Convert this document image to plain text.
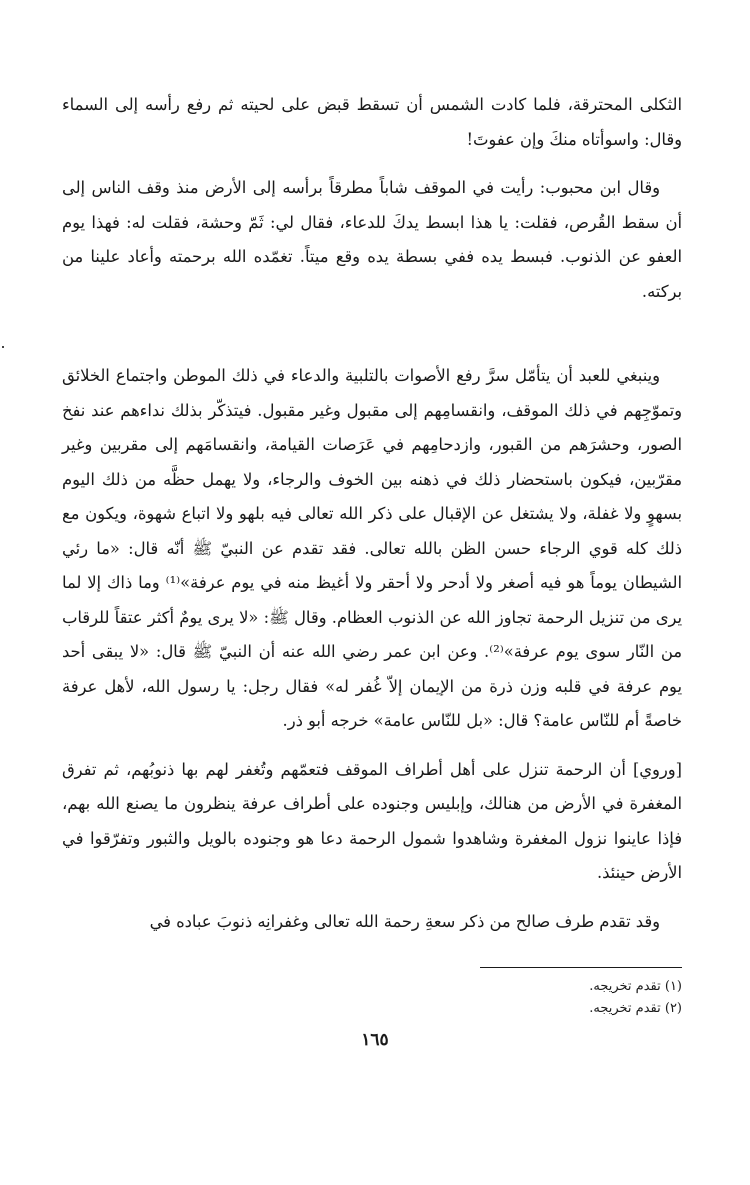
الثكلى المحترقة، فلما كادت الشمس أن تسقط قبض على لحيته ثم رفع رأسه إلى السماء وقال: واسوأتاه منكَ وإن عفوتَ!

وقال ابن محبوب: رأيت في الموقف شاباً مطرقاً برأسه إلى الأرض منذ وقف الناس إلى أن سقط القُرص، فقلت: يا هذا ابسط يدكَ للدعاء، فقال لي: ثَمّ وحشة، فقلت له: فهذا يوم العفو عن الذنوب. فبسط يده ففي بسطة يده وقع ميتاً. تغمّده الله برحمته وأعاد علينا من بركته.

وينبغي للعبد أن يتأمّل سرَّ رفع الأصوات بالتلبية والدعاء في ذلك الموطن واجتماع الخلائق وتموّجِهم في ذلك الموقف، وانقسامِهم إلى مقبول وغير مقبول. فيتذكّر بذلك نداءهم عند نفخ الصور، وحشرَهم من القبور، وازدحامِهم في عَرَصات القيامة، وانقسامَهم إلى مقربين وغير مقرّبين، فيكون باستحضار ذلك في ذهنه بين الخوف والرجاء، ولا يهمل حظَّه من ذلك اليوم بسهوٍ ولا غفلة، ولا يشتغل عن الإقبال على ذكر الله تعالى فيه بلهو ولا اتباع شهوة، ويكون مع ذلك كله قوي الرجاء حسن الظن بالله تعالى. فقد تقدم عن النبيّ ﷺ أنّه قال: «ما رئي الشيطان يوماً هو فيه أصغر ولا أدحر ولا أحقر ولا أغيظ منه في يوم عرفة»⁽¹⁾ وما ذاك إلا لما يرى من تنزيل الرحمة تجاوز الله عن الذنوب العظام. وقال ﷺ: «لا يرى يومٌ أكثر عتقاً للرقاب من النّار سوى يوم عرفة»⁽²⁾. وعن ابن عمر رضي الله عنه أن النبيّ ﷺ قال: «لا يبقى أحد يوم عرفة في قلبه وزن ذرة من الإيمان إلاّ غُفر له» فقال رجل: يا رسول الله، لأهل عرفة خاصةً أم للنّاس عامة؟ قال: «بل للنّاس عامة» خرجه أبو ذر.

[وروي] أن الرحمة تنزل على أهل أطراف الموقف فتعمّهم وتُغفر لهم بها ذنوبُهم، ثم تفرق المغفرة في الأرض من هنالك، وإبليس وجنوده على أطراف عرفة ينظرون ما يصنع الله بهم، فإذا عاينوا نزول المغفرة وشاهدوا شمول الرحمة دعا هو وجنوده بالويل والثبور وتفرّقوا في الأرض حينئذ.

وقد تقدم طرف صالح من ذكر سعةِ رحمة الله تعالى وغفرانِه ذنوبَ عباده في

(١) تقدم تخريجه.

(٢) تقدم تخريجه.

١٦٥
